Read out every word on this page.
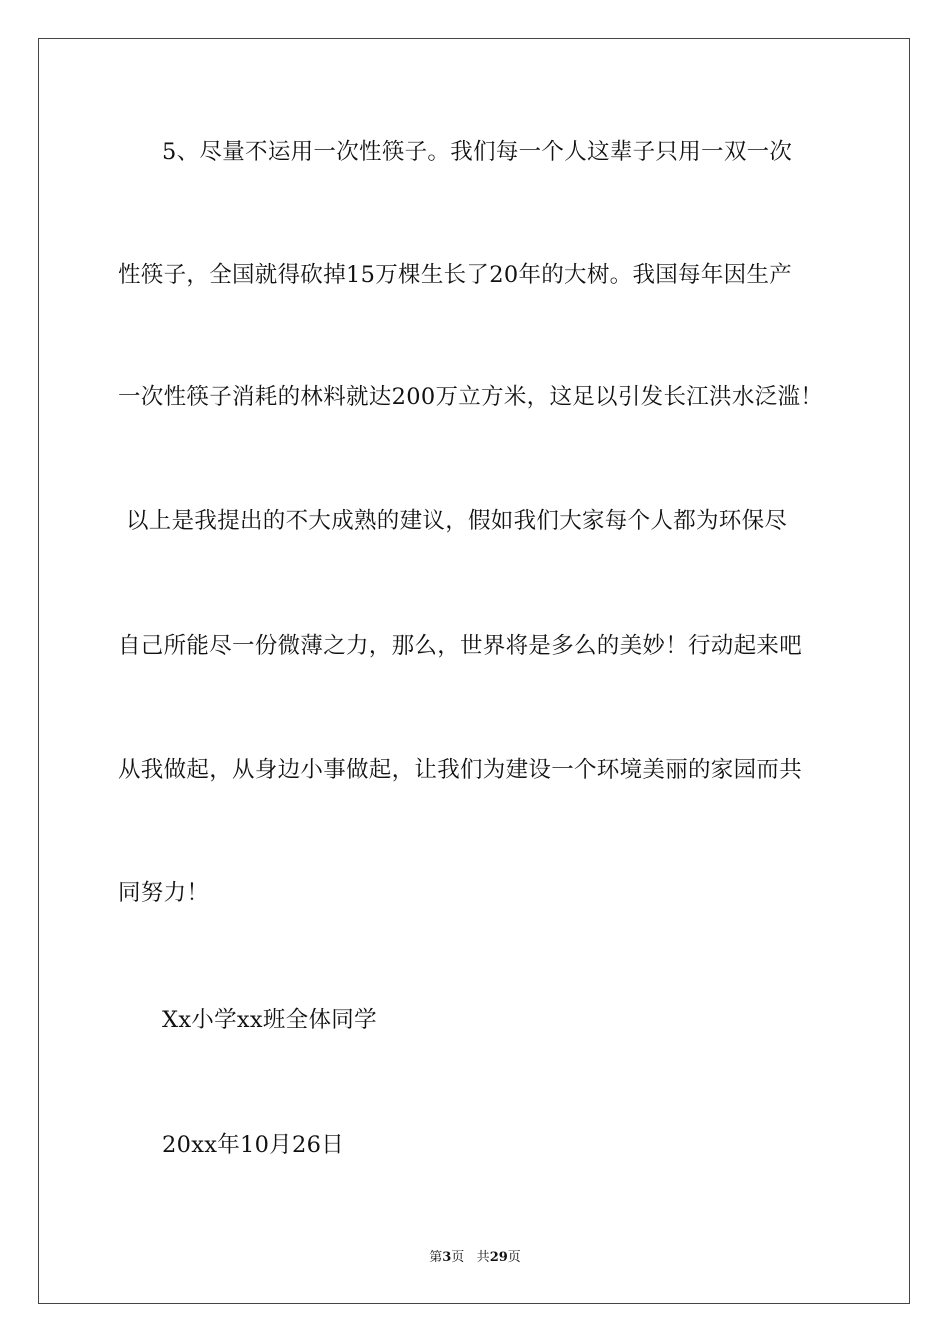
5、尽量不运用一次性筷子。我们每一个人这辈子只用一双一次
性筷子，全国就得砍掉15万棵生长了20年的大树。我国每年因生产
一次性筷子消耗的林料就达200万立方米，这足以引发长江洪水泛滥！
以上是我提出的不大成熟的建议，假如我们大家每个人都为环保尽
自己所能尽一份微薄之力，那么，世界将是多么的美妙！行动起来吧
从我做起，从身边小事做起，让我们为建设一个环境美丽的家园而共
同努力！
Xx小学xx班全体同学
20xx年10月26日
第3页 共29页
